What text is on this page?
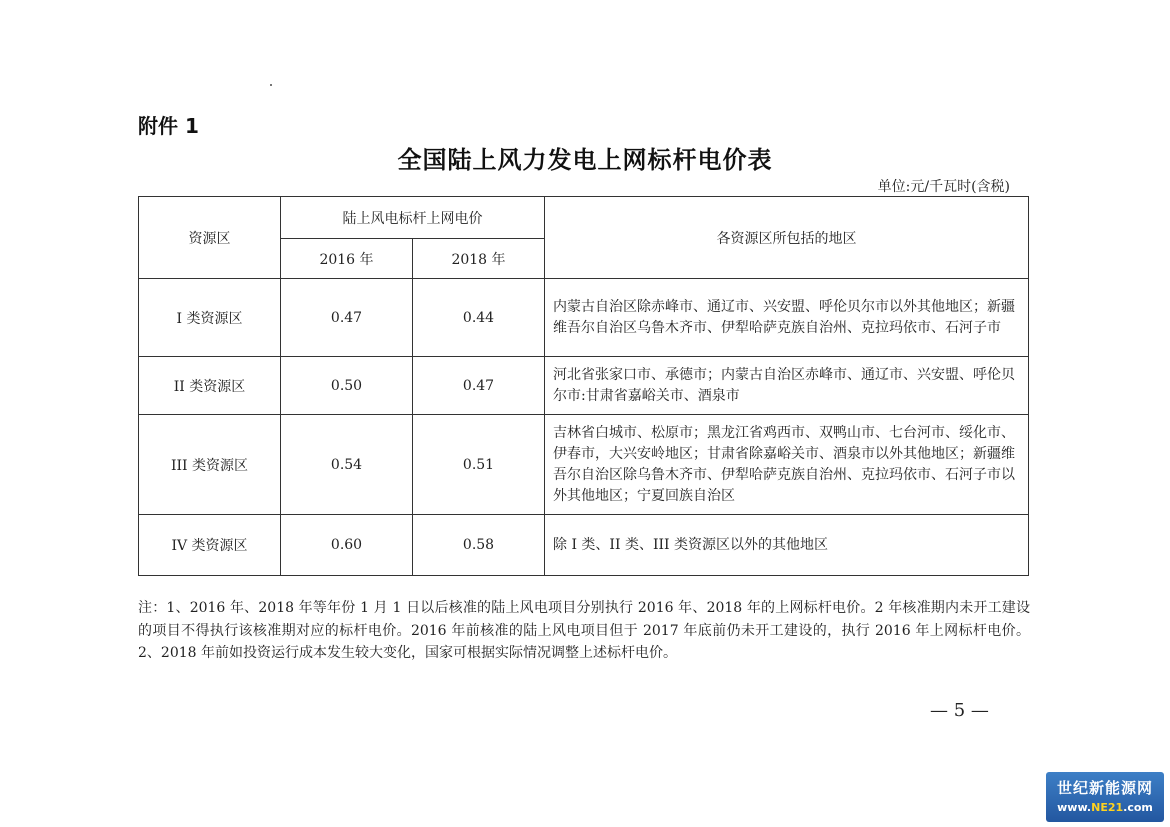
附件 1
全国陆上风力发电上网标杆电价表
单位:元/千瓦时(含税)
资源区	陆上风电标杆上网电价		各资源区所包括的地区
	2016 年	2018 年	
I 类资源区	0.47	0.44	内蒙古自治区除赤峰市、通辽市、兴安盟、呼伦贝尔市以外其他地区；新疆维吾尔自治区乌鲁木齐市、伊犁哈萨克族自治州、克拉玛依市、石河子市
II 类资源区	0.50	0.47	河北省张家口市、承德市；内蒙古自治区赤峰市、通辽市、兴安盟、呼伦贝尔市:甘肃省嘉峪关市、酒泉市
III 类资源区	0.54	0.51	吉林省白城市、松原市；黑龙江省鸡西市、双鸭山市、七台河市、绥化市、伊春市，大兴安岭地区；甘肃省除嘉峪关市、酒泉市以外其他地区；新疆维吾尔自治区除乌鲁木齐市、伊犁哈萨克族自治州、克拉玛依市、石河子市以外其他地区；宁夏回族自治区
IV 类资源区	0.60	0.58	除 I 类、II 类、III 类资源区以外的其他地区
注：1、2016 年、2018 年等年份 1 月 1 日以后核准的陆上风电项目分别执行 2016 年、2018 年的上网标杆电价。2 年核准期内未开工建设的项目不得执行该核准期对应的标杆电价。2016 年前核准的陆上风电项目但于 2017 年底前仍未开工建设的，执行 2016 年上网标杆电价。2、2018 年前如投资运行成本发生较大变化，国家可根据实际情况调整上述标杆电价。
— 5 —
世纪新能源网
www.NE21.com
